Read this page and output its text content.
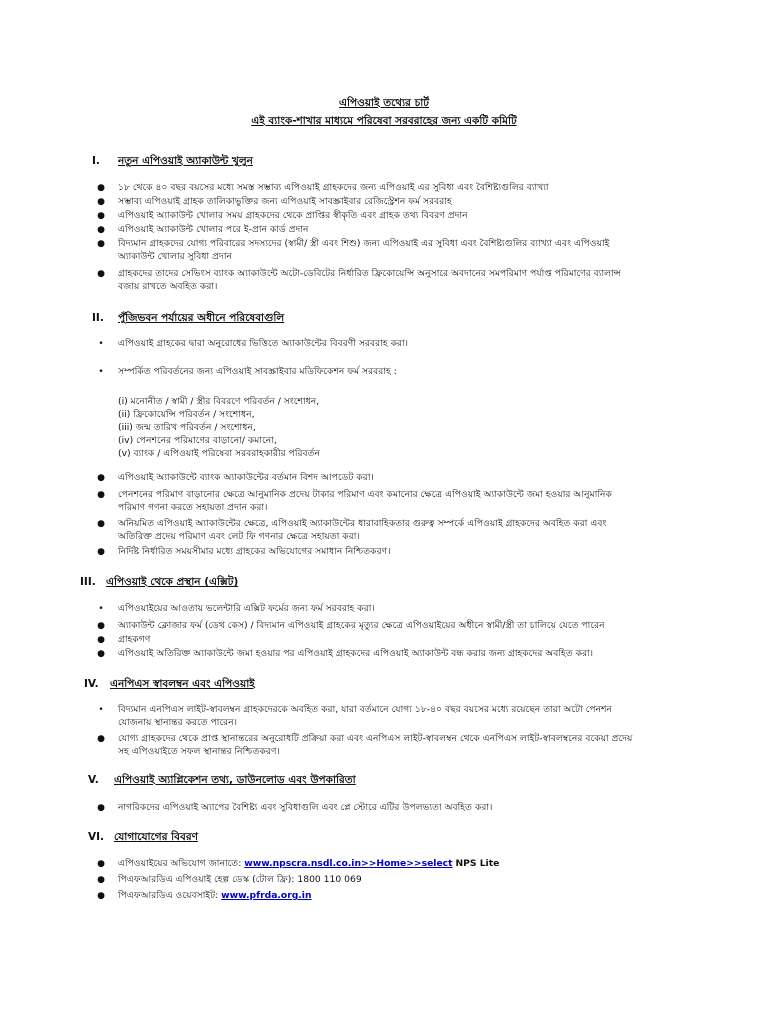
এপিওয়াই তথ্যের চার্ট
এই ব্যাংক-শাখার মাধ্যমে পরিষেবা সরবরাহের জন্য একটি কমিটি
I. নতুন এপিওয়াই অ্যাকাউন্ট খুলুন
● ১৮ থেকে ৪০ বছর বয়সের মধ্যে সমস্ত সম্ভাব্য এপিওয়াই গ্রাহকদের জন্য এপিওয়াই এর সুবিধা এবং বৈশিষ্ট্যগুলির ব্যাখ্যা
● সম্ভাব্য এপিওয়াই গ্রাহক তালিকাভুক্তির জন্য এপিওয়াই সাবস্ক্রাইবার রেজিস্ট্রেশন ফর্ম সরবরাহ
● এপিওয়াই অ্যাকাউন্ট খোলার সময় গ্রাহকদের থেকে প্রাপ্তির স্বীকৃতি এবং গ্রাহক তথ্য বিবরণ প্রদান
● এপিওয়াই অ্যাকাউন্ট খোলার পরে ই-প্রান কার্ড প্রদান
● বিদ্যমান গ্রাহকদের যোগ্য পরিবারের সদস্যদের (স্বামী/ স্ত্রী এবং শিশু) জন্য এপিওয়াই এর সুবিধা এবং বৈশিষ্ট্যগুলির ব্যাখ্যা এবং এপিওয়াই
অ্যাকাউন্ট খোলার সুবিধা প্রদান
● গ্রাহকদের তাদের সেভিংস ব্যাংক অ্যাকাউন্টে অটো-ডেবিটের নির্ধারিত ফ্রিকোয়েন্সি অনুসারে অবদানের সমপরিমাণ পর্যাপ্ত পরিমাণের ব্যালান্স
বজায় রাখতে অবহিত করা।
II. পুঁজিভবন পর্যায়ের অধীনে পরিষেবাগুলি
• এপিওয়াই গ্রাহকের দ্বারা অনুরোধের ভিত্তিতে অ্যাকাউন্টের বিবরণী সরবরাহ করা।
• সম্পর্কিত পরিবর্তনের জন্য এপিওয়াই সাবস্ক্রাইবার মডিফিকেশন ফর্ম সরবরাহ :
(i) মনোনীত / স্বামী / স্ত্রীর বিবরণে পরিবর্তন / সংশোধন,
(ii) ফ্রিকোয়েন্সি পরিবর্তন / সংশোধন,
(iii) জন্ম তারিখ পরিবর্তন / সংশোধন,
(iv) পেনশনের পরিমাণের বাড়ানো/ কমানো,
(v) ব্যাংক / এপিওয়াই পরিষেবা সরবরাহকারীর পরিবর্তন
● এপিওয়াই অ্যাকাউন্টে ব্যাংক অ্যাকাউন্টের বর্তমান বিশদ আপডেট করা।
● পেনশনের পরিমাণ বাড়ানোর ক্ষেত্রে আনুমানিক প্রদেয় টাকার পরিমাণ এবং কমানোর ক্ষেত্রে এপিওয়াই অ্যাকাউন্টে জমা হওয়ার আনুমানিক
পরিমাণ গণনা করতে সহায়তা প্রদান করা।
● অনিয়মিত এপিওয়াই অ্যাকাউন্টের ক্ষেত্রে, এপিওয়াই অ্যাকাউন্টের ধারাবাহিকতার গুরুত্ব সম্পর্কে এপিওয়াই গ্রাহকদের অবহিত করা এবং
অতিরিক্ত প্রদেয় পরিমাণ এবং লেট ফি গণনার ক্ষেত্রে সহায়তা করা।
● নির্দিষ্ট নির্ধারিত সময়সীমার মধ্যে গ্রাহকের অভিযোগের সমাধান নিশ্চিতকরণ।
III. এপিওয়াই থেকে প্রস্থান (এক্সিট)
• এপিওয়াইয়ের আওতায় ভলেন্টারি এক্সিট ফর্মের জন্য ফর্ম সরবরাহ করা।
● অ্যাকাউন্ট ক্লোজার ফর্ম (ডেথ কেস) / বিদ্যমান এপিওয়াই গ্রাহকের মৃত্যুর ক্ষেত্রে এপিওয়াইয়ের অধীনে স্বামী/স্ত্রী তা চালিয়ে যেতে পারেন
● গ্রাহকগণ
● এপিওয়াই অতিরিক্ত অ্যাকাউন্টে জমা হওয়ার পর এপিওয়াই গ্রাহকদের এপিওয়াই অ্যাকাউন্ট বন্ধ করার জন্য গ্রাহকদের অবহিত করা।
IV. এনপিএস স্বাবলম্বন এবং এপিওয়াই
• বিদ্যমান এনপিএস লাইট-স্বাবলম্বন গ্রাহকদেরকে অবহিত করা, যারা বর্তমানে যোগ্য ১৮-৪০ বছর বয়সের মধ্যে রয়েছেন তারা অটো পেনশন
যোজনায় স্থানান্তর করতে পারেন।
● যোগ্য গ্রাহকদের থেকে প্রাপ্ত স্থানান্তরের অনুরোধটি প্রক্রিয়া করা এবং এনপিএস লাইট-স্বাবলম্বন থেকে এনপিএস লাইট-স্বাবলম্বনের বকেয়া প্রদেয়
সহ এপিওয়াইতে সফল স্থানান্তর নিশ্চিতকরণ।
V. এপিওয়াই অ্যাপ্লিকেশন তথ্য, ডাউনলোড এবং উপকারিতা
● নাগরিকদের এপিওয়াই অ্যাপের বৈশিষ্ট্য এবং সুবিধাগুলি এবং প্লে স্টোরে এটির উপলভ্যতা অবহিত করা।
VI. যোগাযোগের বিবরণ
● এপিওয়াইয়ের অভিযোগ জানাতে: www.npscra.nsdl.co.in>>Home>>select NPS Lite
● পিএফআরডিএ এপিওয়াই হেল্প ডেস্ক (টোল ফ্রি): 1800 110 069
● পিএফআরডিএ ওয়েবসাইট: www.pfrda.org.in
